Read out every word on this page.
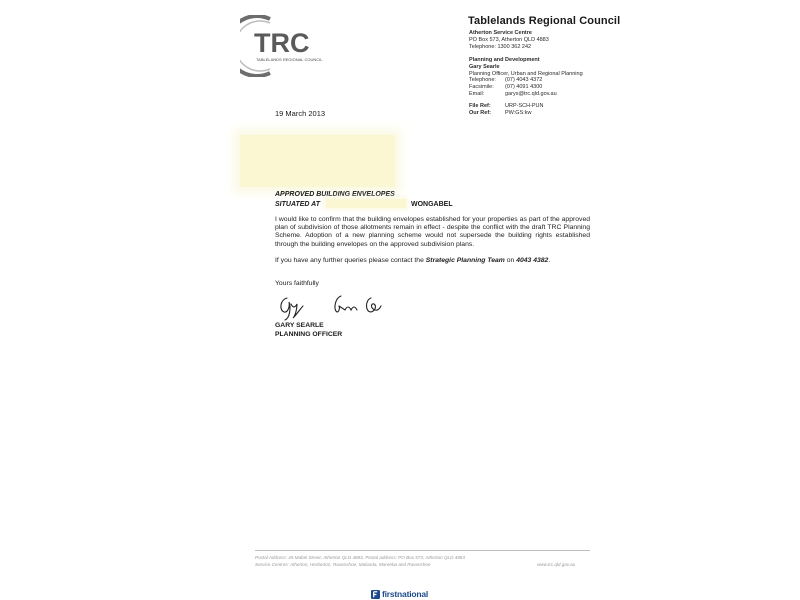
TRC
TABLELANDS REGIONAL COUNCIL
Tablelands Regional Council
Atherton Service Centre
PO Box 573, Atherton QLD 4883
Telephone: 1300 362 242
Planning and Development
Gary Searle
Planning Officer, Urban and Regional Planning
Telephone: (07) 4043 4372
Facsimile: (07) 4091 4300
Email:	garys@trc.qld.gov.au
File Ref:	URP-SCH-PUN
Our Ref:	PW:GS:kw
19 March 2013
APPROVED BUILDING ENVELOPES
SITUATED AT	WONGABEL
I would like to confirm that the building envelopes established for your properties as part of the approved plan of subdivision of those allotments remain in effect - despite the conflict with the draft TRC Planning Scheme. Adoption of a new planning scheme would not supersede the building rights established through the building envelopes on the approved subdivision plans.
If you have any further queries please contact the Strategic Planning Team on 4043 4382.
Yours faithfully
GARY SEARLE
PLANNING OFFICER
Postal Address: 45 Mabel Street, Atherton QLD 4883, Postal address: PO Box 573, Atherton QLD 4883
Service Centres: Atherton, Herberton, Ravenshoe, Malanda, Mareeba and Ravenshoe	www.trc.qld.gov.au
firstnational
